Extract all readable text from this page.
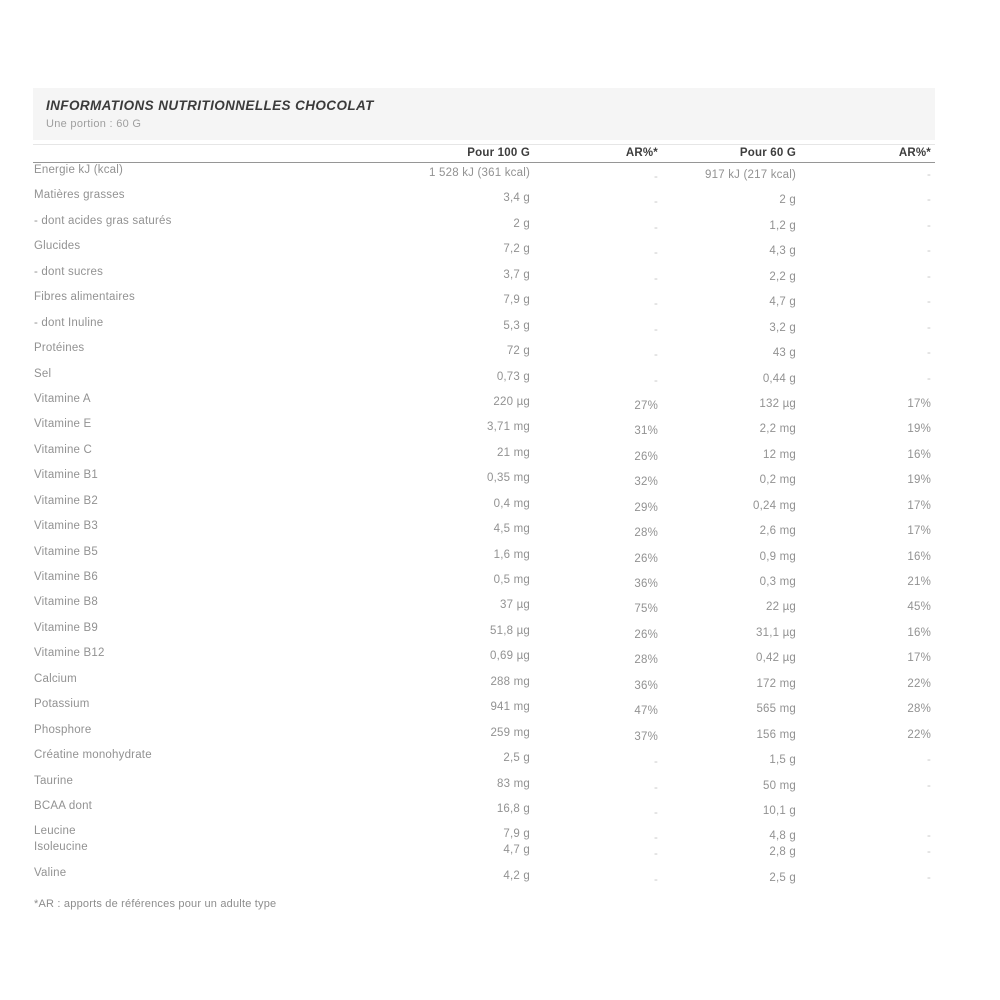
INFORMATIONS NUTRITIONNELLES CHOCOLAT
Une portion : 60 G
Pour 100 G	AR%*	Pour 60 G	AR%*
Energie kJ (kcal)	1 528 kJ (361 kcal)	-	917 kJ (217 kcal)	-
Matières grasses	3,4 g	-	2 g	-
- dont acides gras saturés	2 g	-	1,2 g	-
Glucides	7,2 g	-	4,3 g	-
- dont sucres	3,7 g	-	2,2 g	-
Fibres alimentaires	7,9 g	-	4,7 g	-
- dont Inuline	5,3 g	-	3,2 g	-
Protéines	72 g	-	43 g	-
Sel	0,73 g	-	0,44 g	-
Vitamine A	220 µg	27%	132 µg	17%
Vitamine E	3,71 mg	31%	2,2 mg	19%
Vitamine C	21 mg	26%	12 mg	16%
Vitamine B1	0,35 mg	32%	0,2 mg	19%
Vitamine B2	0,4 mg	29%	0,24 mg	17%
Vitamine B3	4,5 mg	28%	2,6 mg	17%
Vitamine B5	1,6 mg	26%	0,9 mg	16%
Vitamine B6	0,5 mg	36%	0,3 mg	21%
Vitamine B8	37 µg	75%	22 µg	45%
Vitamine B9	51,8 µg	26%	31,1 µg	16%
Vitamine B12	0,69 µg	28%	0,42 µg	17%
Calcium	288 mg	36%	172 mg	22%
Potassium	941 mg	47%	565 mg	28%
Phosphore	259 mg	37%	156 mg	22%
Créatine monohydrate	2,5 g	-	1,5 g	-
Taurine	83 mg	-	50 mg	-
BCAA dont	16,8 g	-	10,1 g
Leucine	7,9 g	-	4,8 g	-
Isoleucine	4,7 g	-	2,8 g	-
Valine	4,2 g	-	2,5 g	-
*AR : apports de références pour un adulte type
